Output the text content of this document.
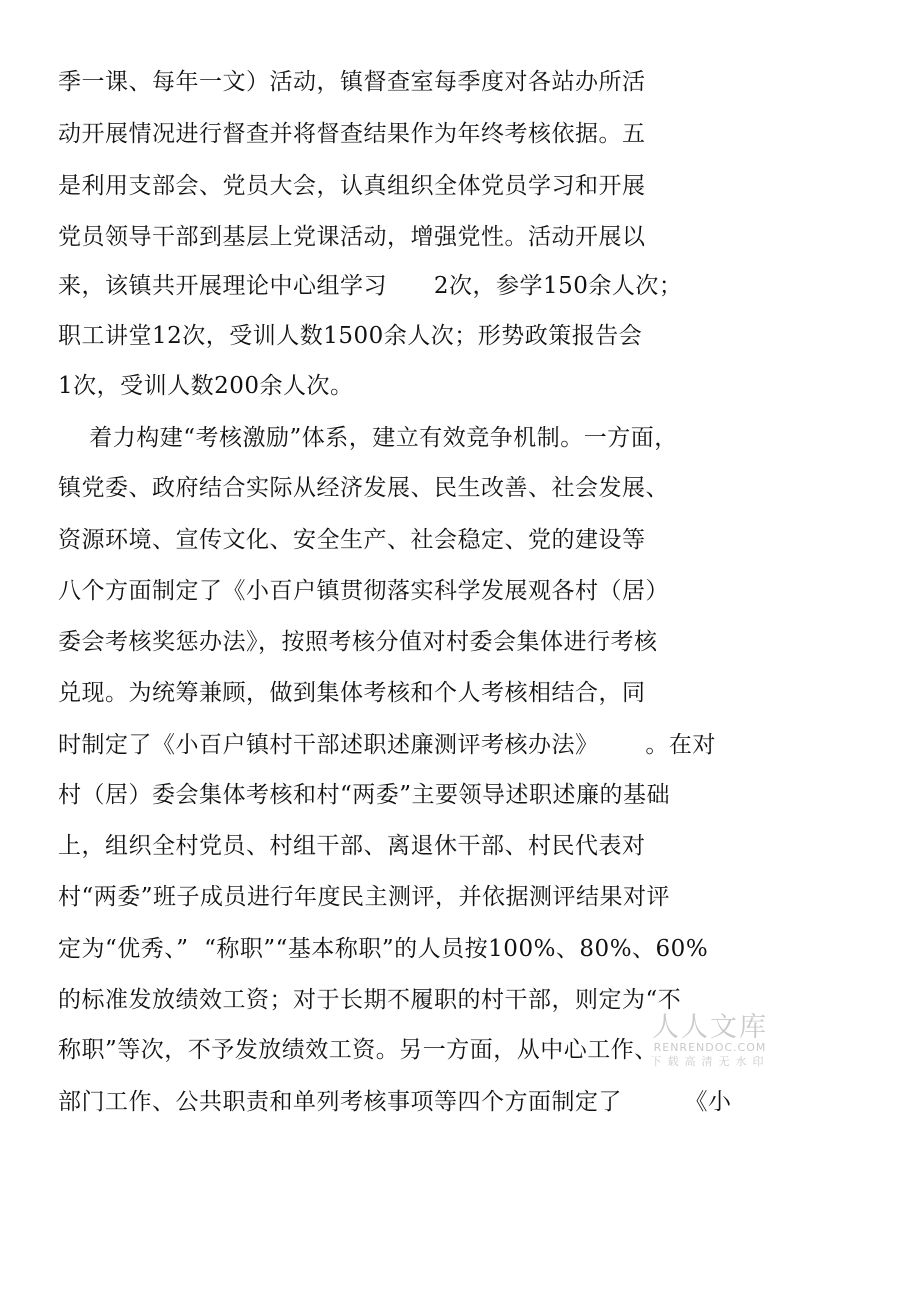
季一课、每年一文）活动，镇督查室每季度对各站办所活
动开展情况进行督查并将督查结果作为年终考核依据。五
是利用支部会、党员大会，认真组织全体党员学习和开展
党员领导干部到基层上党课活动，增强党性。活动开展以
来，该镇共开展理论中心组学习      2次，参学150余人次；
职工讲堂12次，受训人数1500余人次；形势政策报告会
1次，受训人数200余人次。
着力构建“考核激励”体系，建立有效竞争机制。一方面，
镇党委、政府结合实际从经济发展、民生改善、社会发展、
资源环境、宣传文化、安全生产、社会稳定、党的建设等
八个方面制定了《小百户镇贯彻落实科学发展观各村（居）
委会考核奖惩办法》，按照考核分值对村委会集体进行考核
兑现。为统筹兼顾，做到集体考核和个人考核相结合，同
时制定了《小百户镇村干部述职述廉测评考核办法》      。在对
村（居）委会集体考核和村“两委”主要领导述职述廉的基础
上，组织全村党员、村组干部、离退休干部、村民代表对
村“两委”班子成员进行年度民主测评，并依据测评结果对评
定为“优秀、”  “称职”“基本称职”的人员按100%、80%、60%
的标准发放绩效工资；对于长期不履职的村干部，则定为“不
称职”等次，不予发放绩效工资。另一方面，从中心工作、
部门工作、公共职责和单列考核事项等四个方面制定了        《小
人人文库
RENRENDOC.COM
下载高清无水印
